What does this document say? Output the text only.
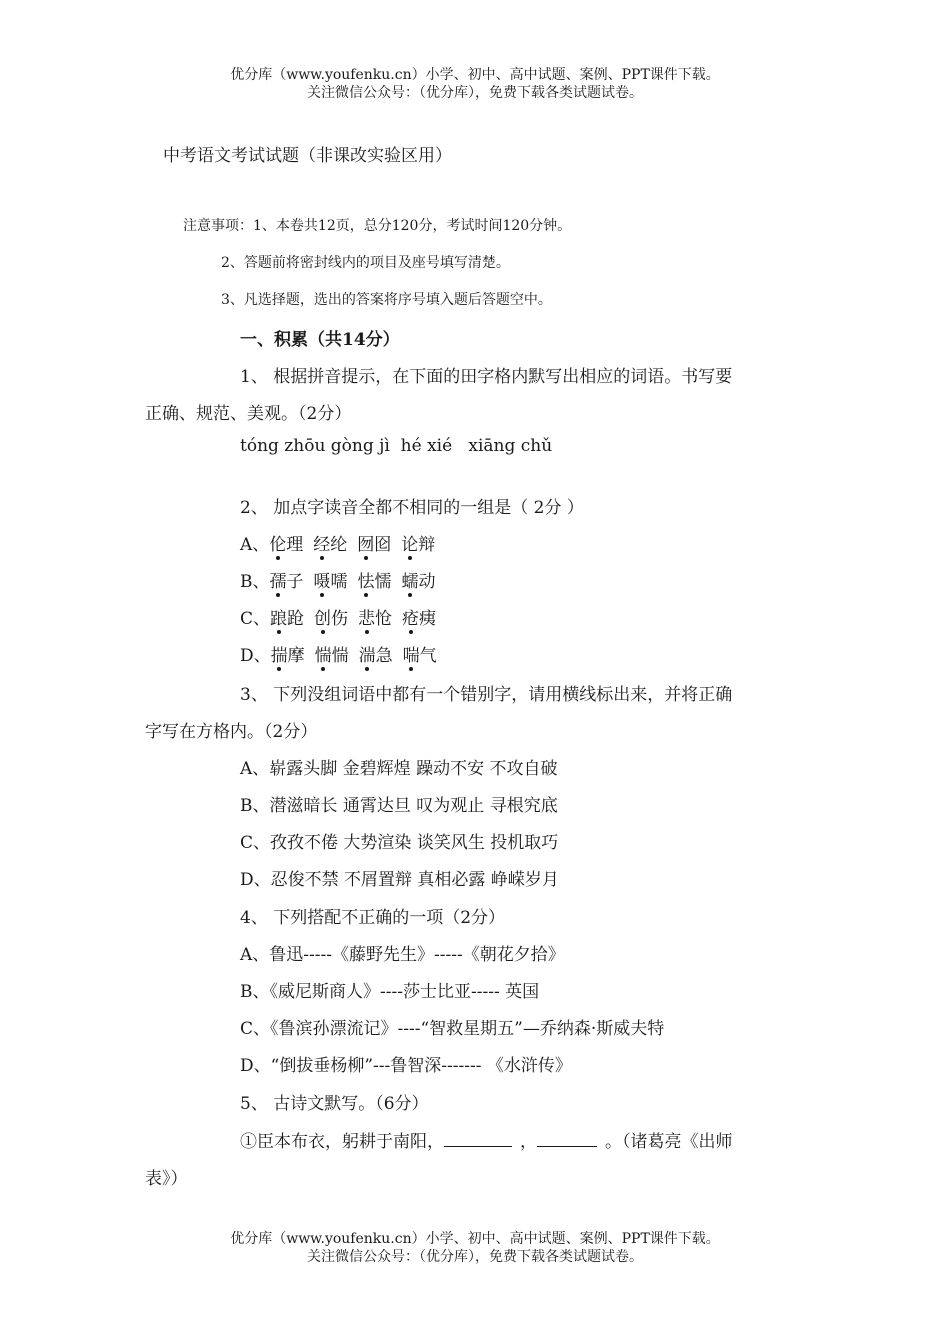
优分库（www.youfenku.cn）小学、初中、高中试题、案例、PPT课件下载。
关注微信公众号：（优分库），免费下载各类试题试卷。
中考语文考试试题（非课改实验区用）
注意事项：1、本卷共12页，总分120分，考试时间120分钟。
2、答题前将密封线内的项目及座号填写清楚。
3、凡选择题，选出的答案将序号填入题后答题空中。
一、积累（共14分）
1、 根据拼音提示，在下面的田字格内默写出相应的词语。书写要
正确、规范、美观。（2分）
tóng zhōu gòng jì  hé xié   xiāng chǔ
2、 加点字读音全都不相同的一组是（ 2分 ）
A、伦理 经纶 囫囵 论辩
B、孺子 嗫嚅 怯懦 蠕动
C、踉跄 创伤 悲怆 疮痍
D、揣摩 惴惴 湍急 喘气
3、 下列没组词语中都有一个错别字，请用横线标出来，并将正确
字写在方格内。（2分）
A、崭露头脚 金碧辉煌 躁动不安 不攻自破
B、潜滋暗长 通霄达旦 叹为观止 寻根究底
C、孜孜不倦 大势渲染 谈笑风生 投机取巧
D、忍俊不禁 不屑置辩 真相必露 峥嵘岁月
4、 下列搭配不正确的一项（2分）
A、鲁迅-----《藤野先生》-----《朝花夕拾》
B、《威尼斯商人》----莎士比亚----- 英国
C、《鲁滨孙漂流记》----“智救星期五”—乔纳森·斯威夫特
D、“倒拔垂杨柳”---鲁智深------- 《水浒传》
5、 古诗文默写。（6分）
①臣本布衣，躬耕于南阳，	，	。（诸葛亮《出师
表》）
优分库（www.youfenku.cn）小学、初中、高中试题、案例、PPT课件下载。
关注微信公众号：（优分库），免费下载各类试题试卷。
